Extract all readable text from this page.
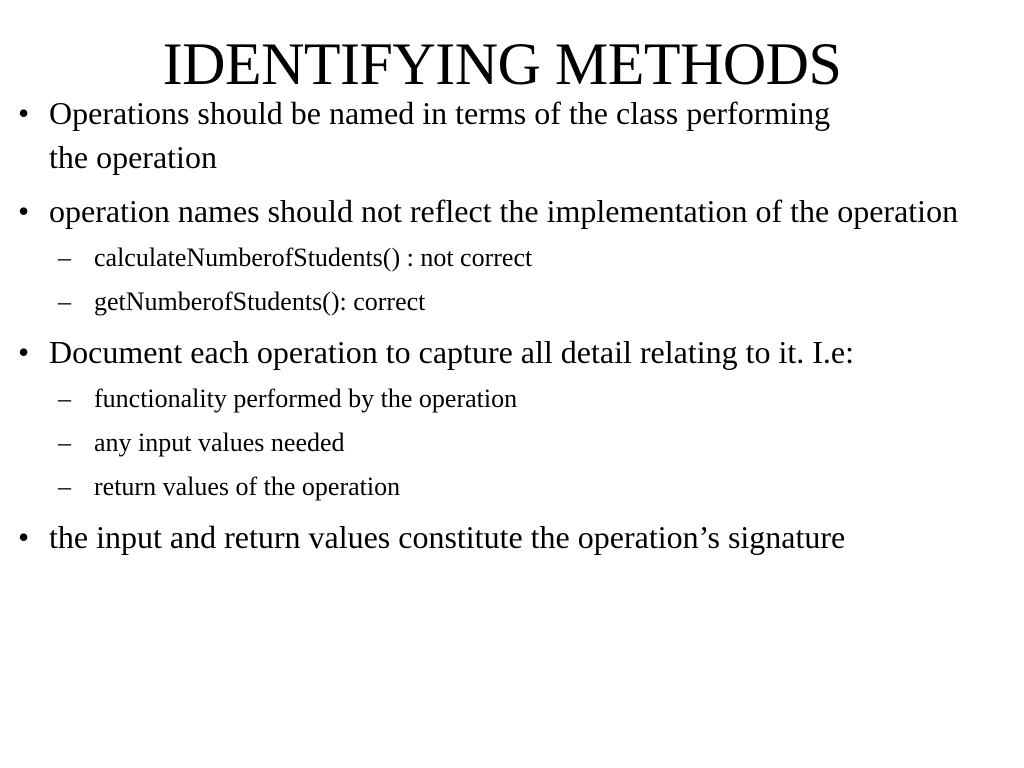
IDENTIFYING METHODS
• Operations should be named in terms of the class performing the operation
• operation names should not reflect the implementation of the operation
– calculateNumberofStudents() : not correct
– getNumberofStudents(): correct
• Document each operation to capture all detail relating to it. I.e:
– functionality performed by the operation
– any input values needed
– return values of the operation
• the input and return values constitute the operation’s signature
